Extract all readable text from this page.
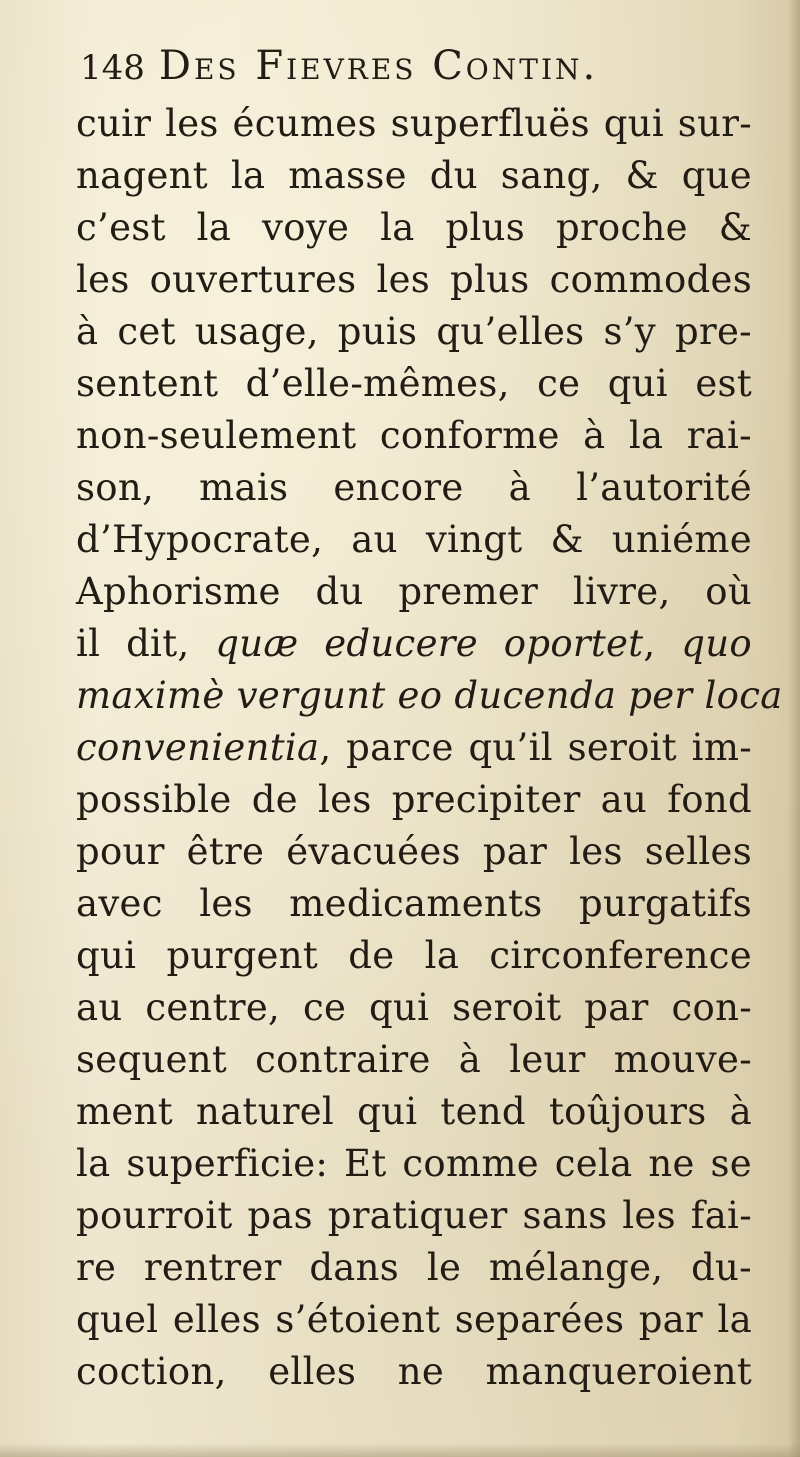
148 Des Fievres Contin.
cuir les écumes superfluës qui sur-
nagent la masse du sang, & que
c’est la voye la plus proche &
les ouvertures les plus commodes
à cet usage, puis qu’elles s’y pre-
sentent d’elle-mêmes, ce qui est
non-seulement conforme à la rai-
son, mais encore à l’autorité
d’Hypocrate, au vingt & uniéme
Aphorisme du premer livre, où
il dit, quæ educere oportet, quo
maximè vergunt eo ducenda per loca
convenientia, parce qu’il seroit im-
possible de les precipiter au fond
pour être évacuées par les selles
avec les medicaments purgatifs
qui purgent de la circonference
au centre, ce qui seroit par con-
sequent contraire à leur mouve-
ment naturel qui tend toûjours à
la superficie: Et comme cela ne se
pourroit pas pratiquer sans les fai-
re rentrer dans le mélange, du-
quel elles s’étoient separées par la
coction, elles ne manqueroient
